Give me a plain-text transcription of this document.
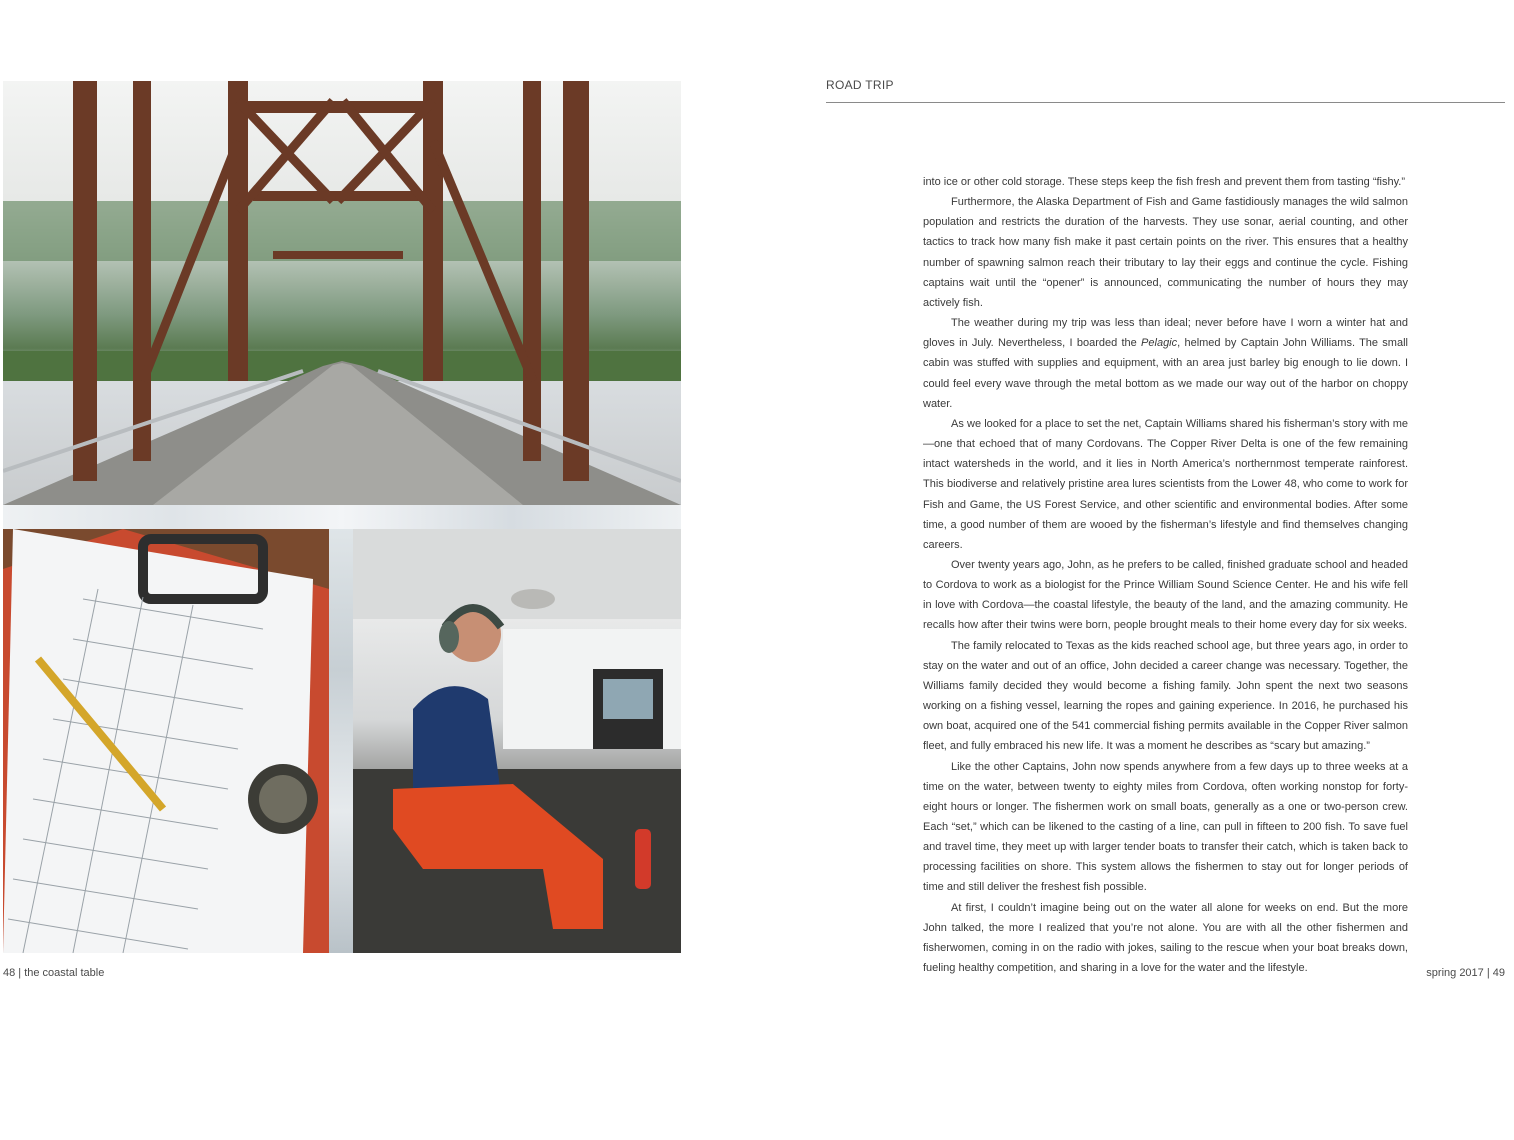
ROAD TRIP

into ice or other cold storage. These steps keep the fish fresh and prevent them from tasting “fishy.”

Furthermore, the Alaska Department of Fish and Game fastidiously manages the wild salmon population and restricts the duration of the harvests. They use sonar, aerial counting, and other tactics to track how many fish make it past certain points on the river. This ensures that a healthy number of spawning salmon reach their tributary to lay their eggs and continue the cycle. Fishing captains wait until the “opener” is announced, communicating the number of hours they may actively fish.

The weather during my trip was less than ideal; never before have I worn a winter hat and gloves in July. Nevertheless, I boarded the Pelagic, helmed by Captain John Williams. The small cabin was stuffed with supplies and equipment, with an area just barley big enough to lie down. I could feel every wave through the metal bottom as we made our way out of the harbor on choppy water.

As we looked for a place to set the net, Captain Williams shared his fisherman’s story with me—one that echoed that of many Cordovans. The Copper River Delta is one of the few remaining intact watersheds in the world, and it lies in North America’s northernmost temperate rainforest. This biodiverse and relatively pristine area lures scientists from the Lower 48, who come to work for Fish and Game, the US Forest Service, and other scientific and environmental bodies. After some time, a good number of them are wooed by the fisherman’s lifestyle and find themselves changing careers.

Over twenty years ago, John, as he prefers to be called, finished graduate school and headed to Cordova to work as a biologist for the Prince William Sound Science Center. He and his wife fell in love with Cordova—the coastal lifestyle, the beauty of the land, and the amazing community. He recalls how after their twins were born, people brought meals to their home every day for six weeks.

The family relocated to Texas as the kids reached school age, but three years ago, in order to stay on the water and out of an office, John decided a career change was necessary. Together, the Williams family decided they would become a fishing family. John spent the next two seasons working on a fishing vessel, learning the ropes and gaining experience. In 2016, he purchased his own boat, acquired one of the 541 commercial fishing permits available in the Copper River salmon fleet, and fully embraced his new life. It was a moment he describes as “scary but amazing.”

Like the other Captains, John now spends anywhere from a few days up to three weeks at a time on the water, between twenty to eighty miles from Cordova, often working nonstop for forty-eight hours or longer. The fishermen work on small boats, generally as a one or two-person crew. Each “set,” which can be likened to the casting of a line, can pull in fifteen to 200 fish. To save fuel and travel time, they meet up with larger tender boats to transfer their catch, which is taken back to processing facilities on shore. This system allows the fishermen to stay out for longer periods of time and still deliver the freshest fish possible.

At first, I couldn’t imagine being out on the water all alone for weeks on end. But the more John talked, the more I realized that you’re not alone. You are with all the other fishermen and fisherwomen, coming in on the radio with jokes, sailing to the rescue when your boat breaks down, fueling healthy competition, and sharing in a love for the water and the lifestyle.

48 | the coastal table	spring 2017 | 49
